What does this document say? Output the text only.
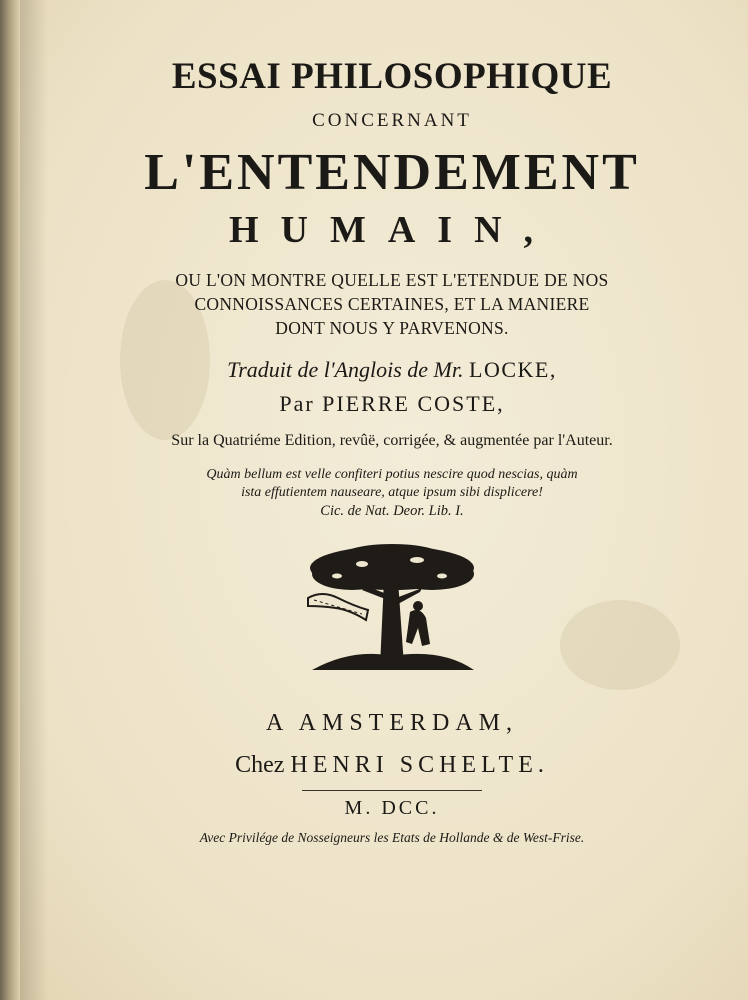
ESSAI PHILOSOPHIQUE
CONCERNANT
L'ENTENDEMENT
HUMAIN,
OU L'ON MONTRE QUELLE EST L'ETENDUE DE NOS
CONNOISSANCES CERTAINES, ET LA MANIERE
DONT NOUS Y PARVENONS.
Traduit de l'Anglois de Mr. LOCKE,
Par PIERRE COSTE,
Sur la Quatriéme Edition, revûë, corrigée, & augmentée par l'Auteur.
Quàm bellum est velle confiteri potius nescire quod nescias, quàm
ista effutientem nauseare, atque ipsum sibi displicere!
Cic. de Nat. Deor. Lib. I.
A AMSTERDAM,
Chez HENRI SCHELTE.
M. DCC.
Avec Privilége de Nosseigneurs les Etats de Hollande & de West-Frise.
